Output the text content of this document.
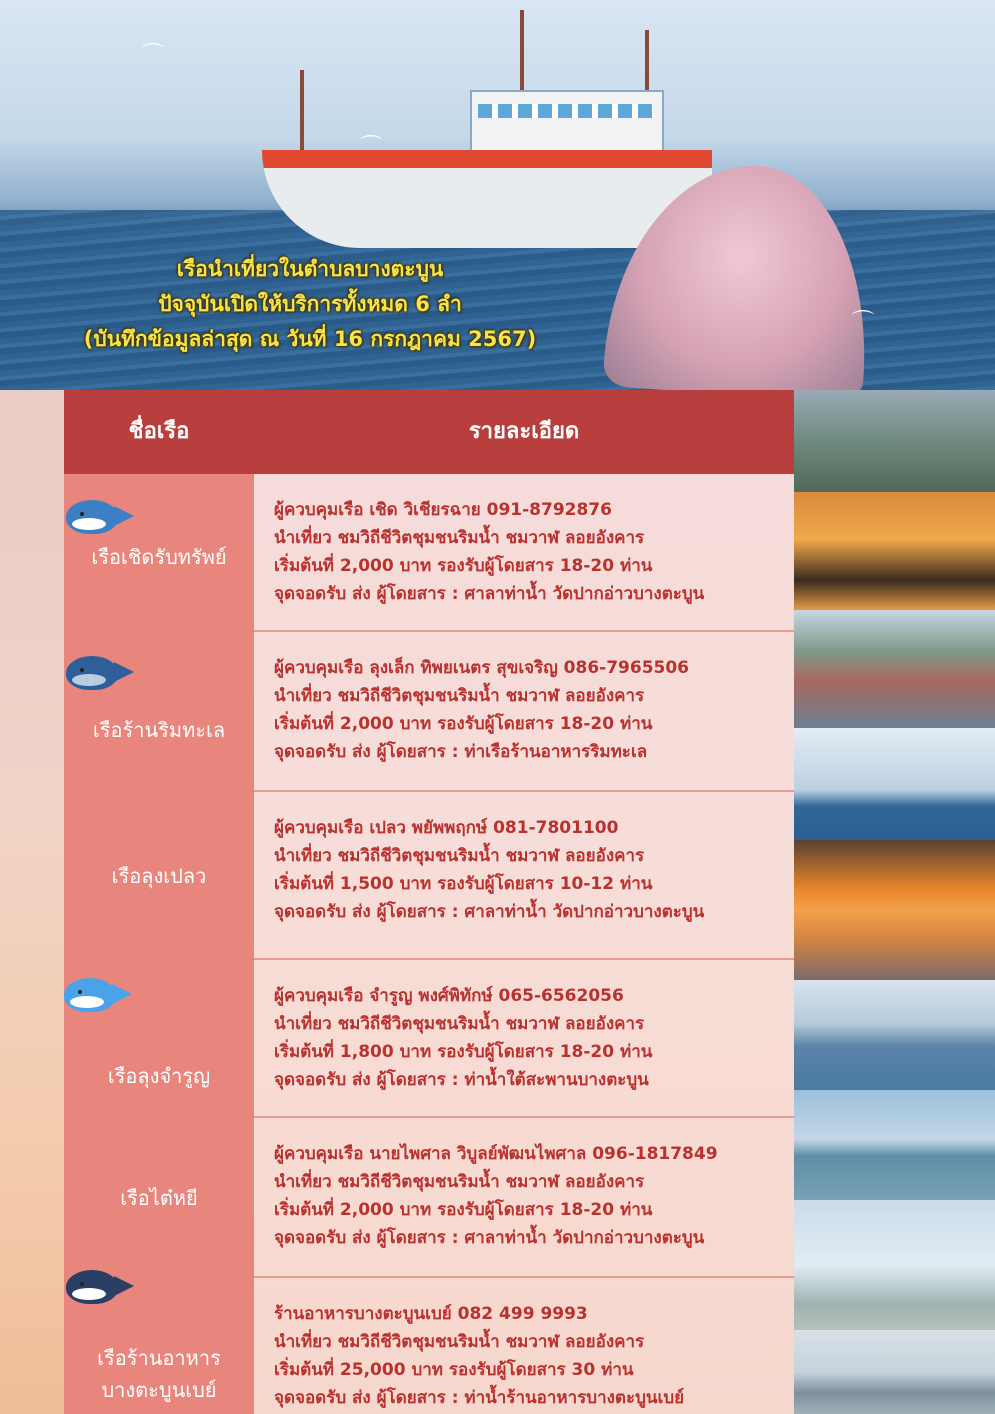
⌒
⌒
⌒
เรือนำเที่ยวในตำบลบางตะบูน
ปัจจุบันเปิดให้บริการทั้งหมด 6 ลำ
(บันทึกข้อมูลล่าสุด ณ วันที่ 16 กรกฎาคม 2567)
ชื่อเรือ	รายละเอียด
เรือเชิดรับทรัพย์
ผู้ควบคุมเรือ เชิด วิเชียรฉาย 091-8792876
นำเที่ยว ชมวิถีชีวิตชุมชนริมน้ำ ชมวาฬ ลอยอังคาร
เริ่มต้นที่ 2,000 บาท รองรับผู้โดยสาร 18-20 ท่าน
จุดจอดรับ ส่ง ผู้โดยสาร : ศาลาท่าน้ำ วัดปากอ่าวบางตะบูน
เรือร้านริมทะเล
ผู้ควบคุมเรือ ลุงเล็ก ทิพยเนตร สุขเจริญ 086-7965506
นำเที่ยว ชมวิถีชีวิตชุมชนริมน้ำ ชมวาฬ ลอยอังคาร
เริ่มต้นที่ 2,000 บาท รองรับผู้โดยสาร 18-20 ท่าน
จุดจอดรับ ส่ง ผู้โดยสาร : ท่าเรือร้านอาหารริมทะเล
เรือลุงเปลว
ผู้ควบคุมเรือ เปลว พยัพพฤกษ์ 081-7801100
นำเที่ยว ชมวิถีชีวิตชุมชนริมน้ำ ชมวาฬ ลอยอังคาร
เริ่มต้นที่ 1,500 บาท รองรับผู้โดยสาร 10-12 ท่าน
จุดจอดรับ ส่ง ผู้โดยสาร : ศาลาท่าน้ำ วัดปากอ่าวบางตะบูน
เรือลุงจำรูญ
ผู้ควบคุมเรือ จำรูญ พงศ์พิทักษ์ 065-6562056
นำเที่ยว ชมวิถีชีวิตชุมชนริมน้ำ ชมวาฬ ลอยอังคาร
เริ่มต้นที่ 1,800 บาท รองรับผู้โดยสาร 18-20 ท่าน
จุดจอดรับ ส่ง ผู้โดยสาร : ท่าน้ำใต้สะพานบางตะบูน
เรือไต๋หยี
ผู้ควบคุมเรือ นายไพศาล วิบูลย์พัฒนไพศาล 096-1817849
นำเที่ยว ชมวิถีชีวิตชุมชนริมน้ำ ชมวาฬ ลอยอังคาร
เริ่มต้นที่ 2,000 บาท รองรับผู้โดยสาร 18-20 ท่าน
จุดจอดรับ ส่ง ผู้โดยสาร : ศาลาท่าน้ำ วัดปากอ่าวบางตะบูน
เรือร้านอาหาร
บางตะบูนเบย์
ร้านอาหารบางตะบูนเบย์ 082 499 9993
นำเที่ยว ชมวิถีชีวิตชุมชนริมน้ำ ชมวาฬ ลอยอังคาร
เริ่มต้นที่ 25,000 บาท รองรับผู้โดยสาร 30 ท่าน
จุดจอดรับ ส่ง ผู้โดยสาร : ท่าน้ำร้านอาหารบางตะบูนเบย์
